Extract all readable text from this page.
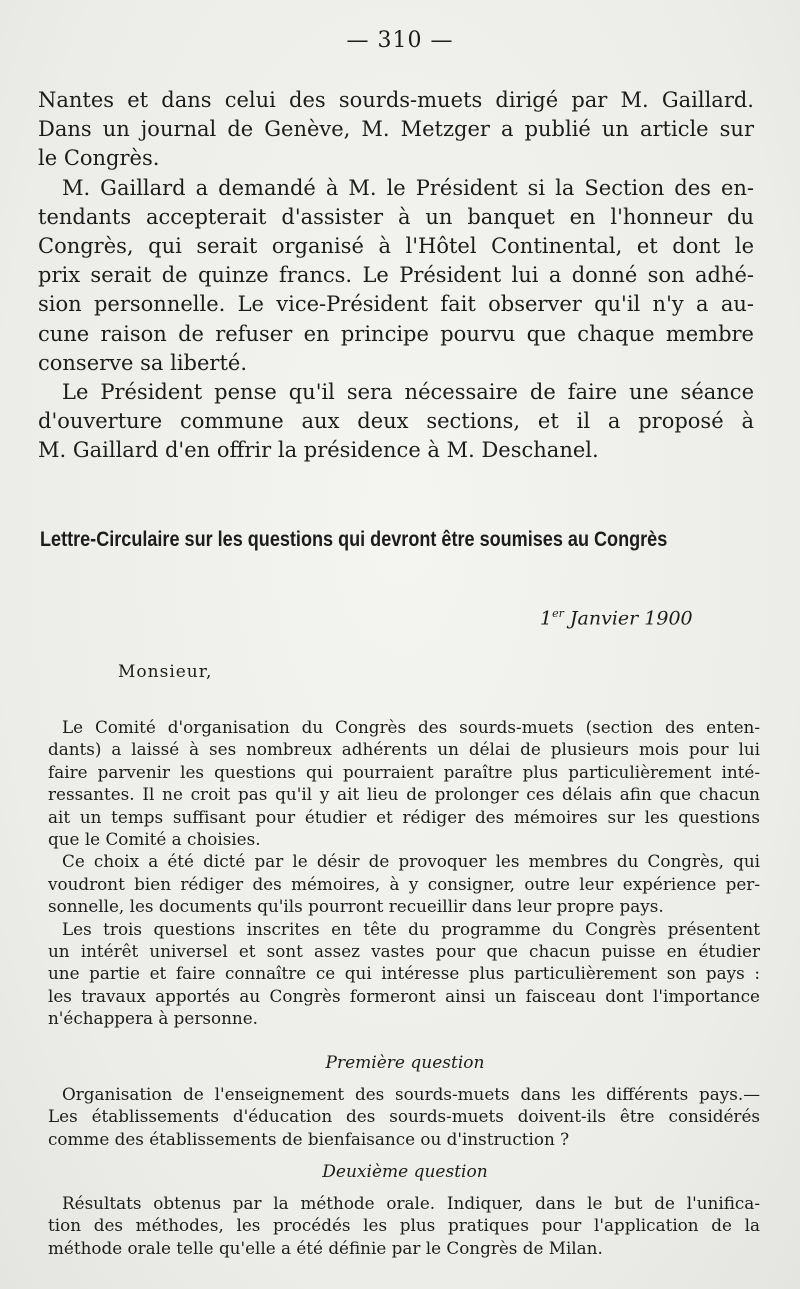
— 310 —
Nantes et dans celui des sourds-muets dirigé par M. Gaillard.
Dans un journal de Genève, M. Metzger a publié un article sur
le Congrès.
M. Gaillard a demandé à M. le Président si la Section des en-
tendants accepterait d'assister à un banquet en l'honneur du
Congrès, qui serait organisé à l'Hôtel Continental, et dont le
prix serait de quinze francs. Le Président lui a donné son adhé-
sion personnelle. Le vice-Président fait observer qu'il n'y a au-
cune raison de refuser en principe pourvu que chaque membre
conserve sa liberté.
Le Président pense qu'il sera nécessaire de faire une séance
d'ouverture commune aux deux sections, et il a proposé à
M. Gaillard d'en offrir la présidence à M. Deschanel.
Lettre-Circulaire sur les questions qui devront être soumises au Congrès
1er Janvier 1900
Monsieur,
Le Comité d'organisation du Congrès des sourds-muets (section des enten-
dants) a laissé à ses nombreux adhérents un délai de plusieurs mois pour lui
faire parvenir les questions qui pourraient paraître plus particulièrement inté-
ressantes. Il ne croit pas qu'il y ait lieu de prolonger ces délais afin que chacun
ait un temps suffisant pour étudier et rédiger des mémoires sur les questions
que le Comité a choisies.
Ce choix a été dicté par le désir de provoquer les membres du Congrès, qui
voudront bien rédiger des mémoires, à y consigner, outre leur expérience per-
sonnelle, les documents qu'ils pourront recueillir dans leur propre pays.
Les trois questions inscrites en tête du programme du Congrès présentent
un intérêt universel et sont assez vastes pour que chacun puisse en étudier
une partie et faire connaître ce qui intéresse plus particulièrement son pays :
les travaux apportés au Congrès formeront ainsi un faisceau dont l'importance
n'échappera à personne.
Première question
Organisation de l'enseignement des sourds-muets dans les différents pays.—
Les établissements d'éducation des sourds-muets doivent-ils être considérés
comme des établissements de bienfaisance ou d'instruction ?
Deuxième question
Résultats obtenus par la méthode orale. Indiquer, dans le but de l'unifica-
tion des méthodes, les procédés les plus pratiques pour l'application de la
méthode orale telle qu'elle a été définie par le Congrès de Milan.
